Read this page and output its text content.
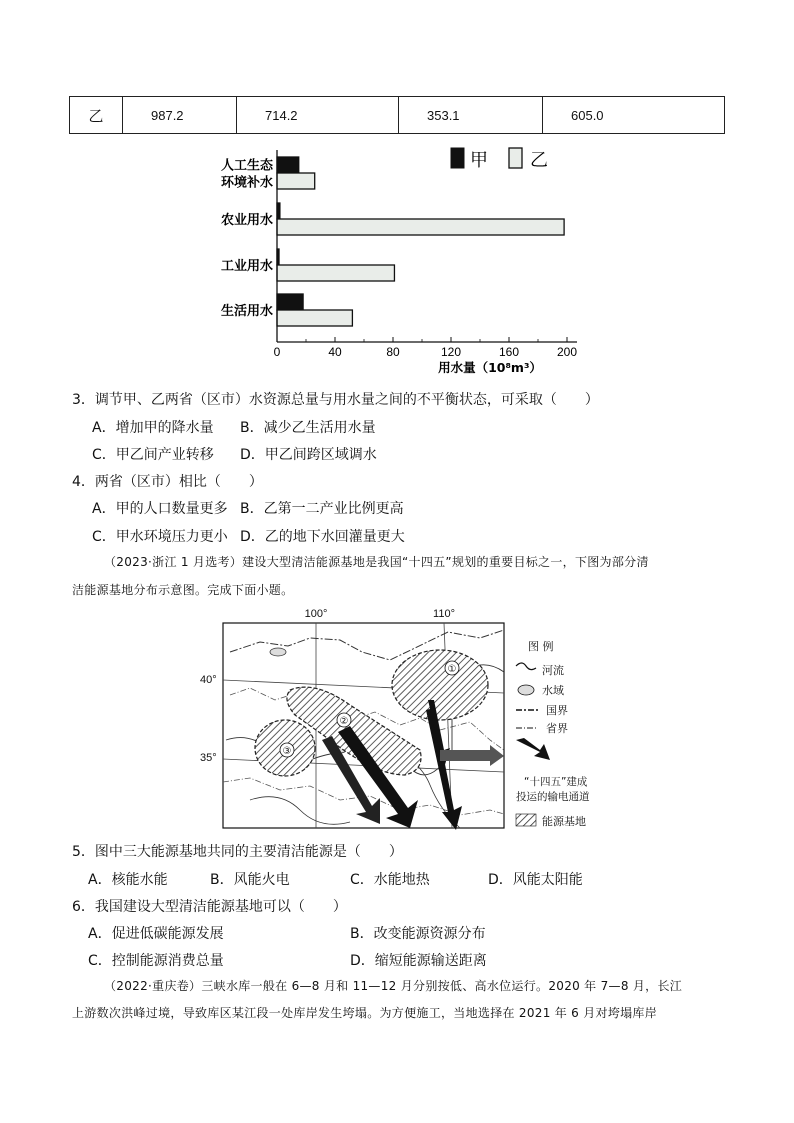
乙	987.2	714.2	353.1	605.0
人工生态
环境补水
农业用水
工业用水
生活用水
0	40	80	120	160	200
用水量（10⁸m³）
甲 乙
3．调节甲、乙两省（区市）水资源总量与用水量之间的不平衡状态，可采取（　　）
A．增加甲的降水量 B．减少乙生活用水量
C．甲乙间产业转移 D．甲乙间跨区域调水
4．两省（区市）相比（　　）
A．甲的人口数量更多 B．乙第一二产业比例更高
C．甲水环境压力更小 D．乙的地下水回灌量更大
（2023·浙江 1 月选考）建设大型清洁能源基地是我国“十四五”规划的重要目标之一，下图为部分清
洁能源基地分布示意图。完成下面小题。
100°	110°
40°
35°
①
②
③
图 例
河流
水域
国界
省界
“十四五”建成
投运的输电通道
能源基地
5．图中三大能源基地共同的主要清洁能源是（　　）
A．核能水能	B．风能火电	C．水能地热	D．风能太阳能
6．我国建设大型清洁能源基地可以（　　）
A．促进低碳能源发展	B．改变能源资源分布
C．控制能源消费总量	D．缩短能源输送距离
（2022·重庆卷）三峡水库一般在 6—8 月和 11—12 月分别按低、高水位运行。2020 年 7—8 月，长江
上游数次洪峰过境，导致库区某江段一处库岸发生垮塌。为方便施工，当地选择在 2021 年 6 月对垮塌库岸
